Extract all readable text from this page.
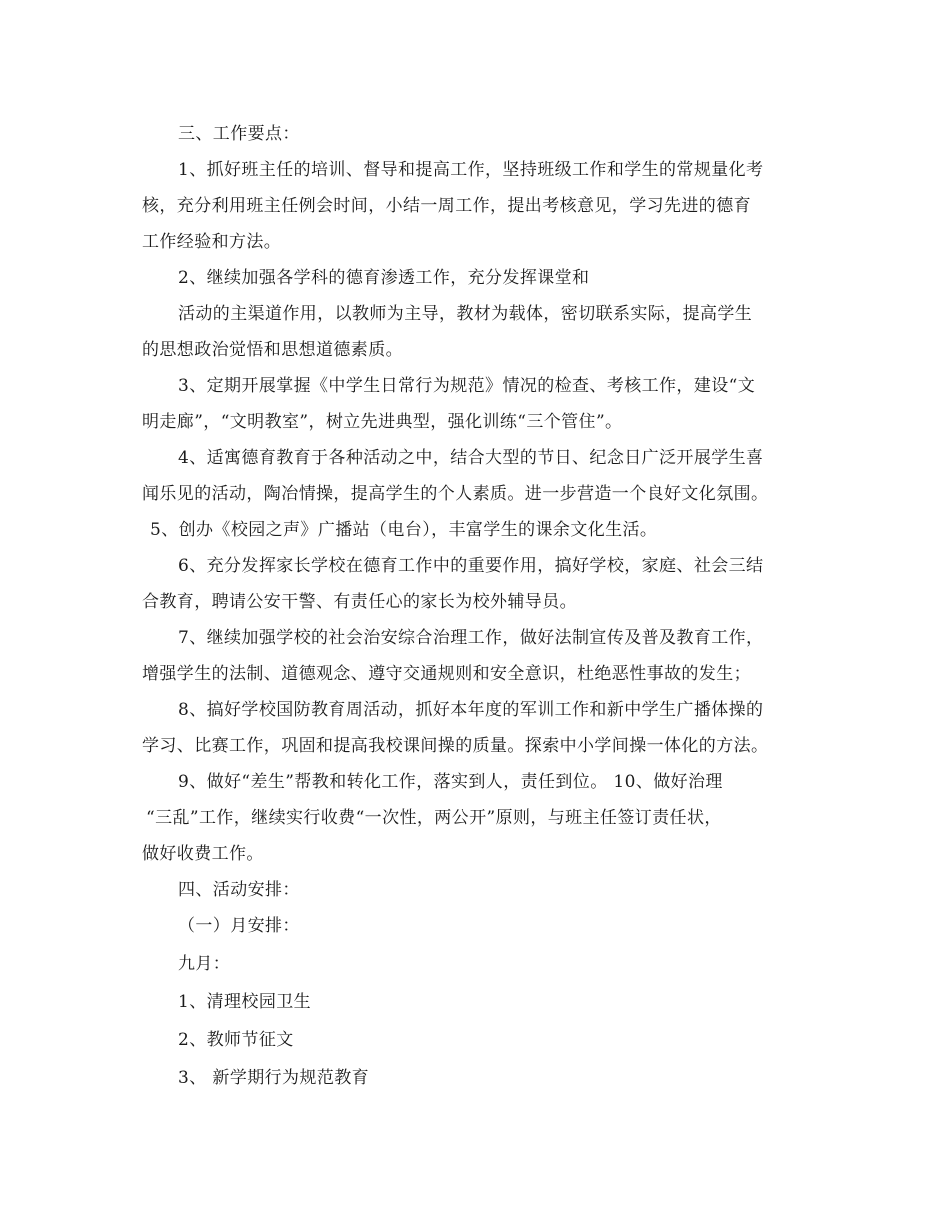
三、工作要点：
1、抓好班主任的培训、督导和提高工作，坚持班级工作和学生的常规量化考
核，充分利用班主任例会时间，小结一周工作，提出考核意见，学习先进的德育
工作经验和方法。
2、继续加强各学科的德育渗透工作，充分发挥课堂和
活动的主渠道作用，以教师为主导，教材为载体，密切联系实际，提高学生
的思想政治觉悟和思想道德素质。
3、定期开展掌握《中学生日常行为规范》情况的检查、考核工作，建设“文
明走廊”，“文明教室”，树立先进典型，强化训练“三个管住”。
4、适寓德育教育于各种活动之中，结合大型的节日、纪念日广泛开展学生喜
闻乐见的活动，陶冶情操，提高学生的个人素质。进一步营造一个良好文化氛围。
5、创办《校园之声》广播站（电台），丰富学生的课余文化生活。
6、充分发挥家长学校在德育工作中的重要作用，搞好学校，家庭、社会三结
合教育，聘请公安干警、有责任心的家长为校外辅导员。
7、继续加强学校的社会治安综合治理工作，做好法制宣传及普及教育工作，
增强学生的法制、道德观念、遵守交通规则和安全意识，杜绝恶性事故的发生；
8、搞好学校国防教育周活动，抓好本年度的军训工作和新中学生广播体操的
学习、比赛工作，巩固和提高我校课间操的质量。探索中小学间操一体化的方法。
9、做好“差生”帮教和转化工作，落实到人，责任到位。 10、做好治理
“三乱”工作，继续实行收费“一次性，两公开”原则，与班主任签订责任状，
做好收费工作。
四、活动安排：
（一）月安排：
九月：
1、清理校园卫生
2、教师节征文
3、 新学期行为规范教育
